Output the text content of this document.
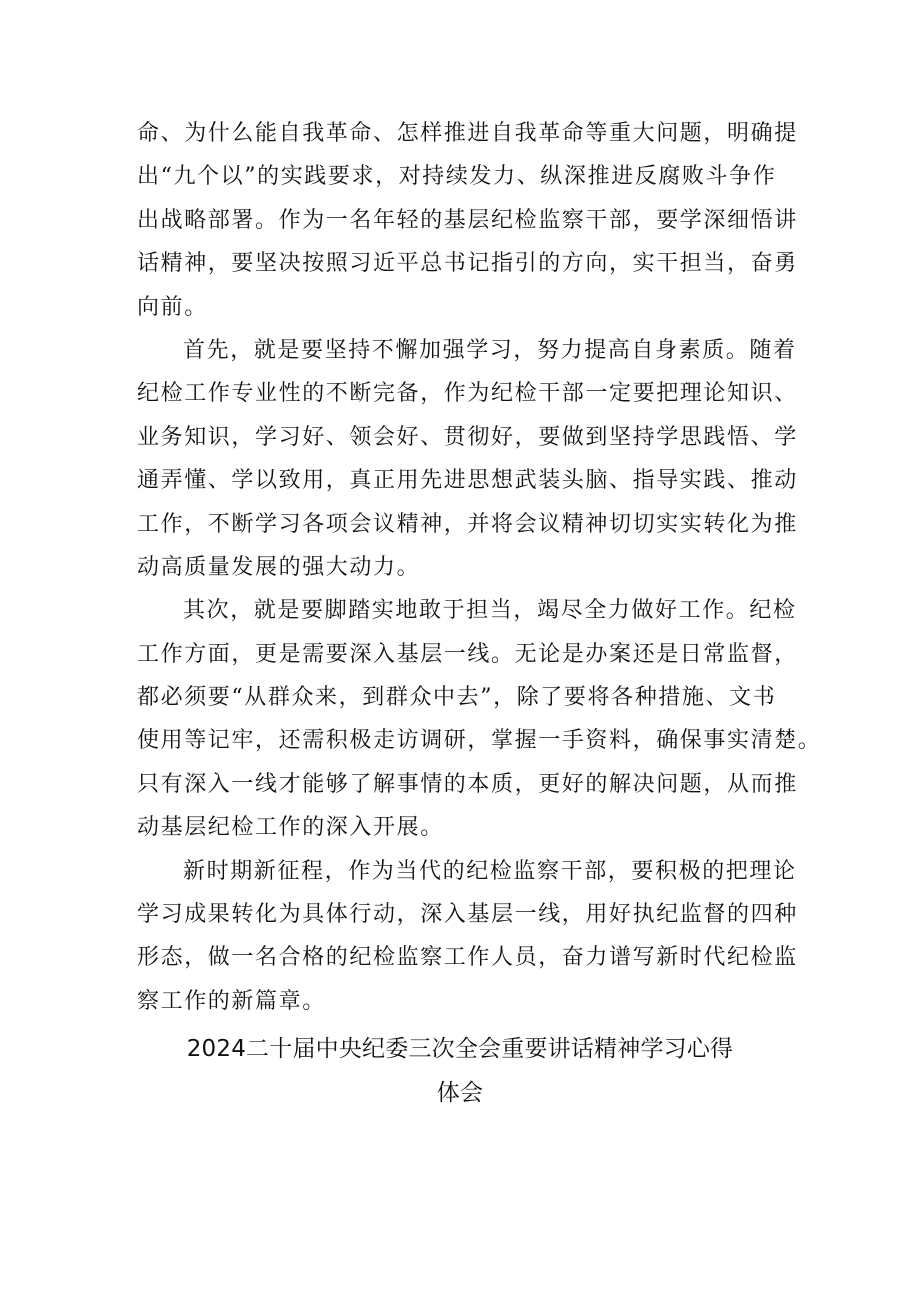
命、为什么能自我革命、怎样推进自我革命等重大问题，明确提
出“九个以”的实践要求，对持续发力、纵深推进反腐败斗争作
出战略部署。作为一名年轻的基层纪检监察干部，要学深细悟讲
话精神，要坚决按照习近平总书记指引的方向，实干担当，奋勇
向前。
首先，就是要坚持不懈加强学习，努力提高自身素质。随着
纪检工作专业性的不断完备，作为纪检干部一定要把理论知识、
业务知识，学习好、领会好、贯彻好，要做到坚持学思践悟、学
通弄懂、学以致用，真正用先进思想武装头脑、指导实践、推动
工作，不断学习各项会议精神，并将会议精神切切实实转化为推
动高质量发展的强大动力。
其次，就是要脚踏实地敢于担当，竭尽全力做好工作。纪检
工作方面，更是需要深入基层一线。无论是办案还是日常监督，
都必须要“从群众来，到群众中去”，除了要将各种措施、文书
使用等记牢，还需积极走访调研，掌握一手资料，确保事实清楚。
只有深入一线才能够了解事情的本质，更好的解决问题，从而推
动基层纪检工作的深入开展。
新时期新征程，作为当代的纪检监察干部，要积极的把理论
学习成果转化为具体行动，深入基层一线，用好执纪监督的四种
形态，做一名合格的纪检监察工作人员，奋力谱写新时代纪检监
察工作的新篇章。
2024二十届中央纪委三次全会重要讲话精神学习心得
体会
